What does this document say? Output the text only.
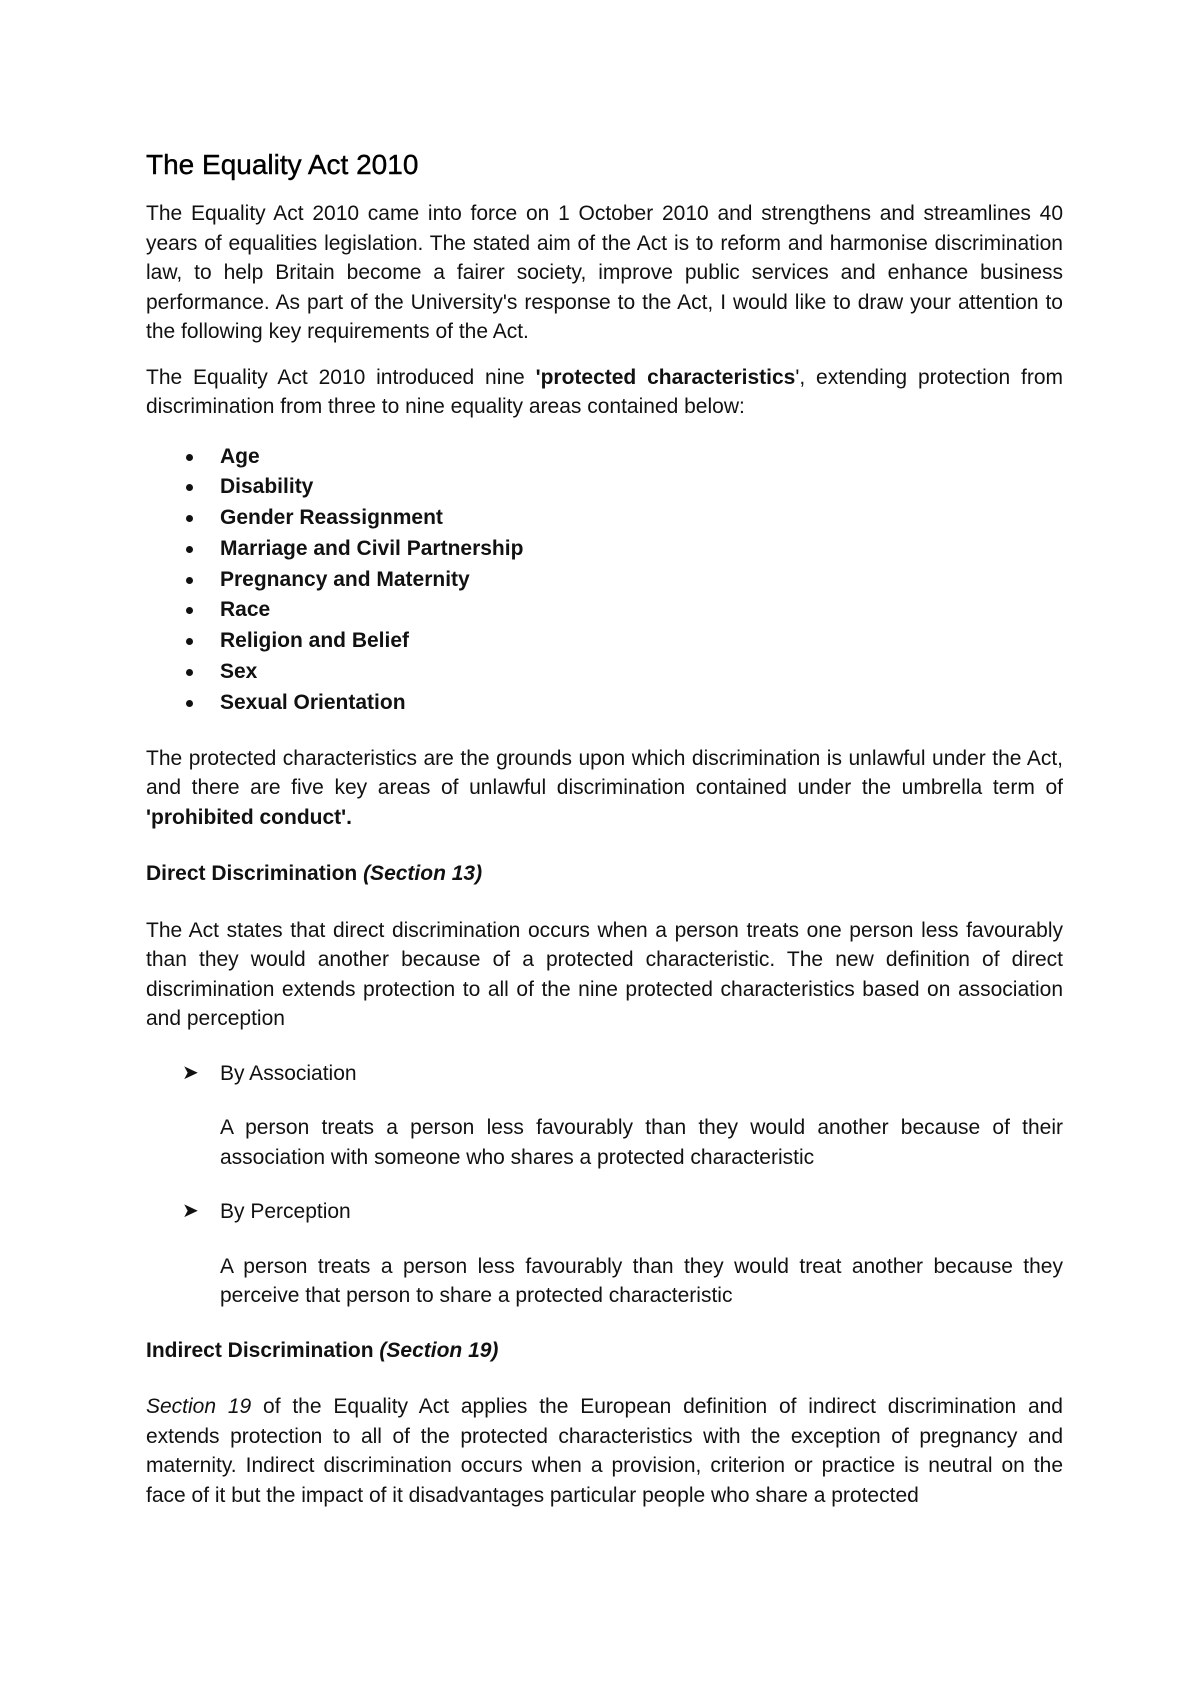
The Equality Act 2010

The Equality Act 2010 came into force on 1 October 2010 and strengthens and streamlines 40 years of equalities legislation. The stated aim of the Act is to reform and harmonise discrimination law, to help Britain become a fairer society, improve public services and enhance business performance. As part of the University's response to the Act, I would like to draw your attention to the following key requirements of the Act.

The Equality Act 2010 introduced nine 'protected characteristics', extending protection from discrimination from three to nine equality areas contained below:

Age
Disability
Gender Reassignment
Marriage and Civil Partnership
Pregnancy and Maternity
Race
Religion and Belief
Sex
Sexual Orientation

The protected characteristics are the grounds upon which discrimination is unlawful under the Act, and there are five key areas of unlawful discrimination contained under the umbrella term of 'prohibited conduct'.

Direct Discrimination (Section 13)

The Act states that direct discrimination occurs when a person treats one person less favourably than they would another because of a protected characteristic. The new definition of direct discrimination extends protection to all of the nine protected characteristics based on association and perception

➤ By Association

A person treats a person less favourably than they would another because of their association with someone who shares a protected characteristic

➤ By Perception

A person treats a person less favourably than they would treat another because they perceive that person to share a protected characteristic

Indirect Discrimination (Section 19)

Section 19 of the Equality Act applies the European definition of indirect discrimination and extends protection to all of the protected characteristics with the exception of pregnancy and maternity. Indirect discrimination occurs when a provision, criterion or practice is neutral on the face of it but the impact of it disadvantages particular people who share a protected
